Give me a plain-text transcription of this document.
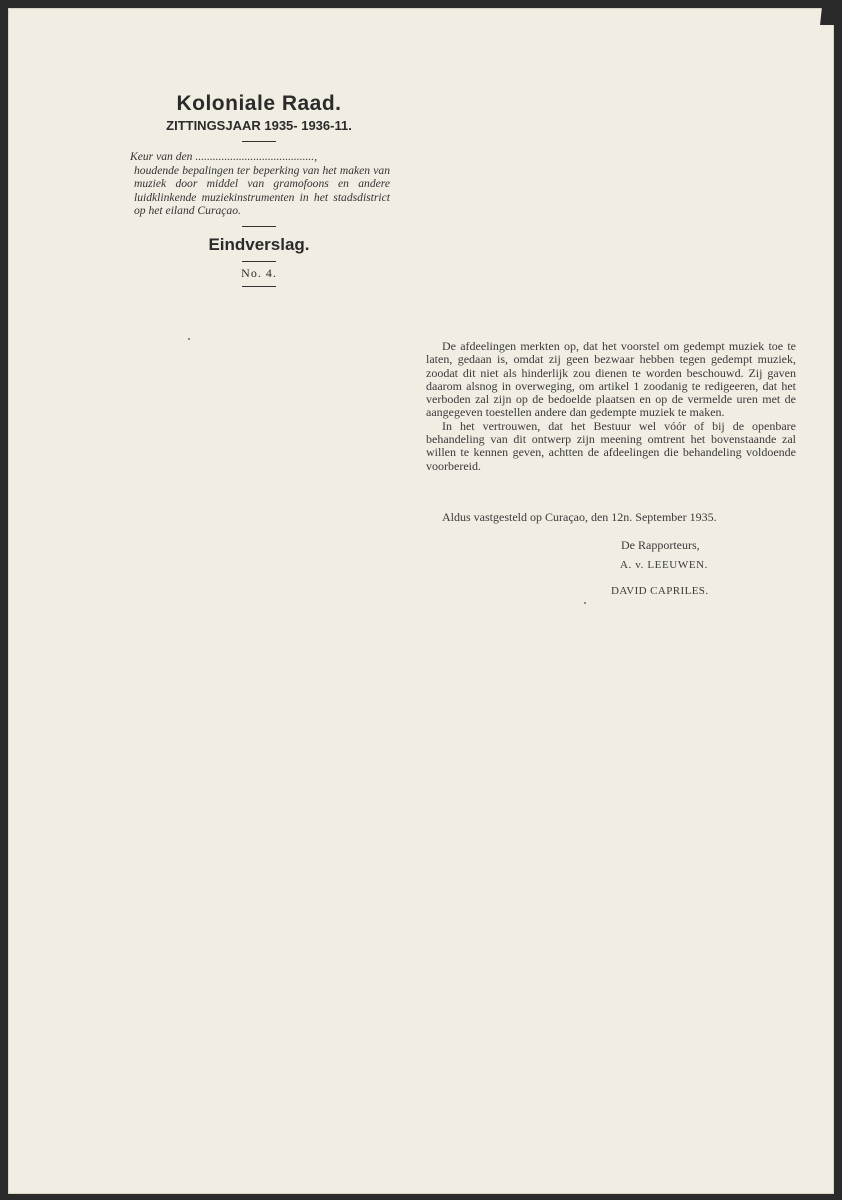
Koloniale Raad.
ZITTINGSJAAR 1935- 1936-11.
Keur van den .........................................,
houdende bepalingen ter beperking van het maken van muziek door middel van gramofoons en andere luidklinkende muziekinstrumenten in het stadsdistrict op het eiland Curaçao.
Eindverslag.
No. 4.

De afdeelingen merkten op, dat het voorstel om gedempt muziek toe te laten, gedaan is, omdat zij geen bezwaar hebben tegen gedempt muziek, zoodat dit niet als hinderlijk zou dienen te worden beschouwd. Zij gaven daarom alsnog in overweging, om artikel 1 zoodanig te redigeeren, dat het verboden zal zijn op de bedoelde plaatsen en op de vermelde uren met de aangegeven toestellen andere dan gedempte muziek te maken.

In het vertrouwen, dat het Bestuur wel vóór of bij de openbare behandeling van dit ontwerp zijn meening omtrent het bovenstaande zal willen te kennen geven, achtten de afdeelingen die behandeling voldoende voorbereid.

Aldus vastgesteld op Curaçao, den 12n. September 1935.
De Rapporteurs,
A. v. LEEUWEN.
DAVID CAPRILES.
